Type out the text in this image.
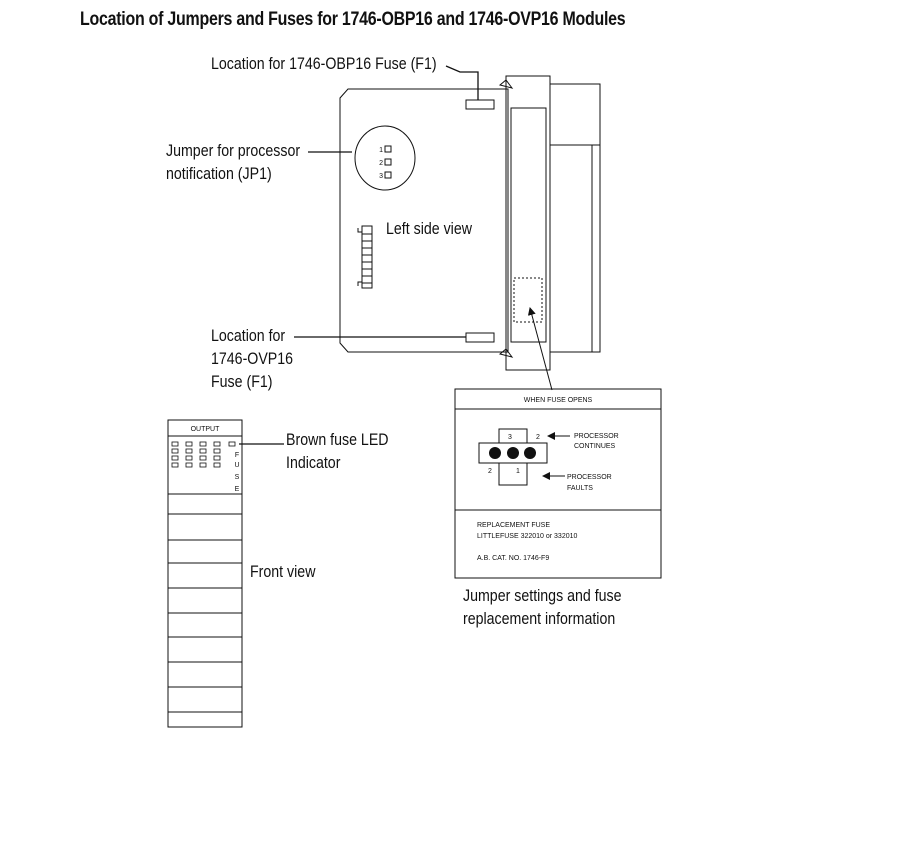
Location of Jumpers and Fuses for 1746-OBP16 and 1746-OVP16 Modules
Location for 1746-OBP16 Fuse (F1)
Jumper for processor
notification (JP1)
Left side view
Location for
1746-OVP16
Fuse (F1)
Brown fuse LED
Indicator
Front view
Jumper settings and fuse
replacement information
1
2
3
OUTPUT
F
U
S
E
WHEN FUSE OPENS
3	2
2	1
PROCESSOR
CONTINUES
PROCESSOR
FAULTS
REPLACEMENT FUSE
LITTLEFUSE 322010 or 332010
A.B. CAT. NO. 1746-F9
